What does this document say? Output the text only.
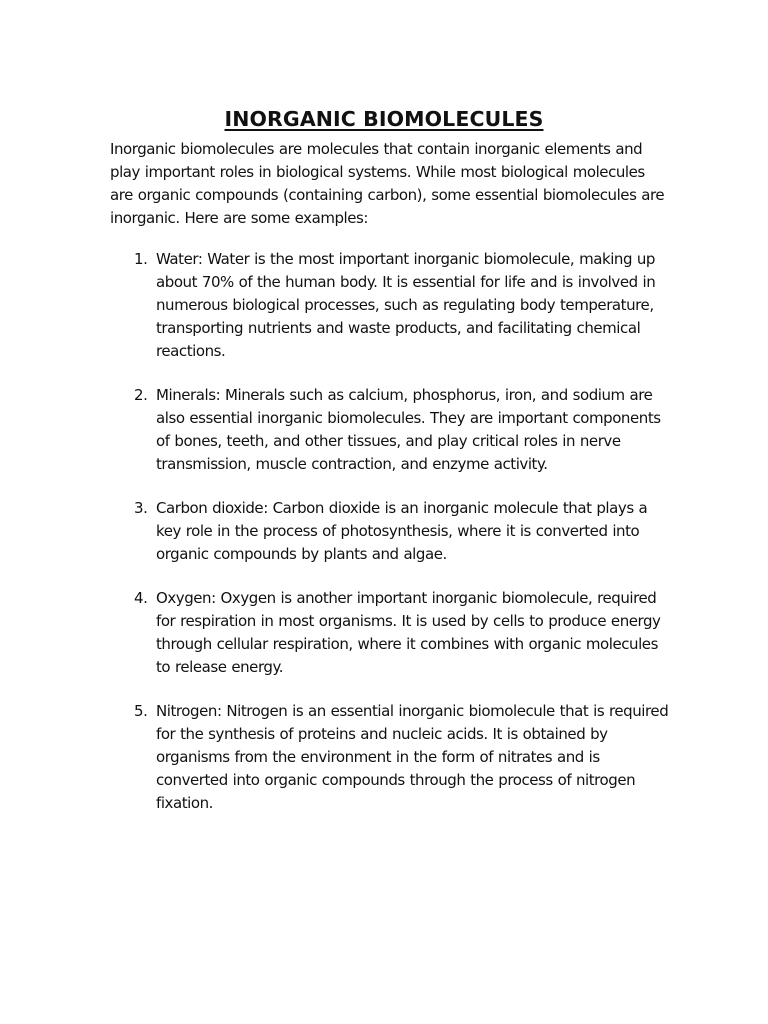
INORGANIC BIOMOLECULES

Inorganic biomolecules are molecules that contain inorganic elements and play important roles in biological systems. While most biological molecules are organic compounds (containing carbon), some essential biomolecules are inorganic. Here are some examples:

1. Water: Water is the most important inorganic biomolecule, making up about 70% of the human body. It is essential for life and is involved in numerous biological processes, such as regulating body temperature, transporting nutrients and waste products, and facilitating chemical reactions.
2. Minerals: Minerals such as calcium, phosphorus, iron, and sodium are also essential inorganic biomolecules. They are important components of bones, teeth, and other tissues, and play critical roles in nerve transmission, muscle contraction, and enzyme activity.
3. Carbon dioxide: Carbon dioxide is an inorganic molecule that plays a key role in the process of photosynthesis, where it is converted into organic compounds by plants and algae.
4. Oxygen: Oxygen is another important inorganic biomolecule, required for respiration in most organisms. It is used by cells to produce energy through cellular respiration, where it combines with organic molecules to release energy.
5. Nitrogen: Nitrogen is an essential inorganic biomolecule that is required for the synthesis of proteins and nucleic acids. It is obtained by organisms from the environment in the form of nitrates and is converted into organic compounds through the process of nitrogen fixation.
